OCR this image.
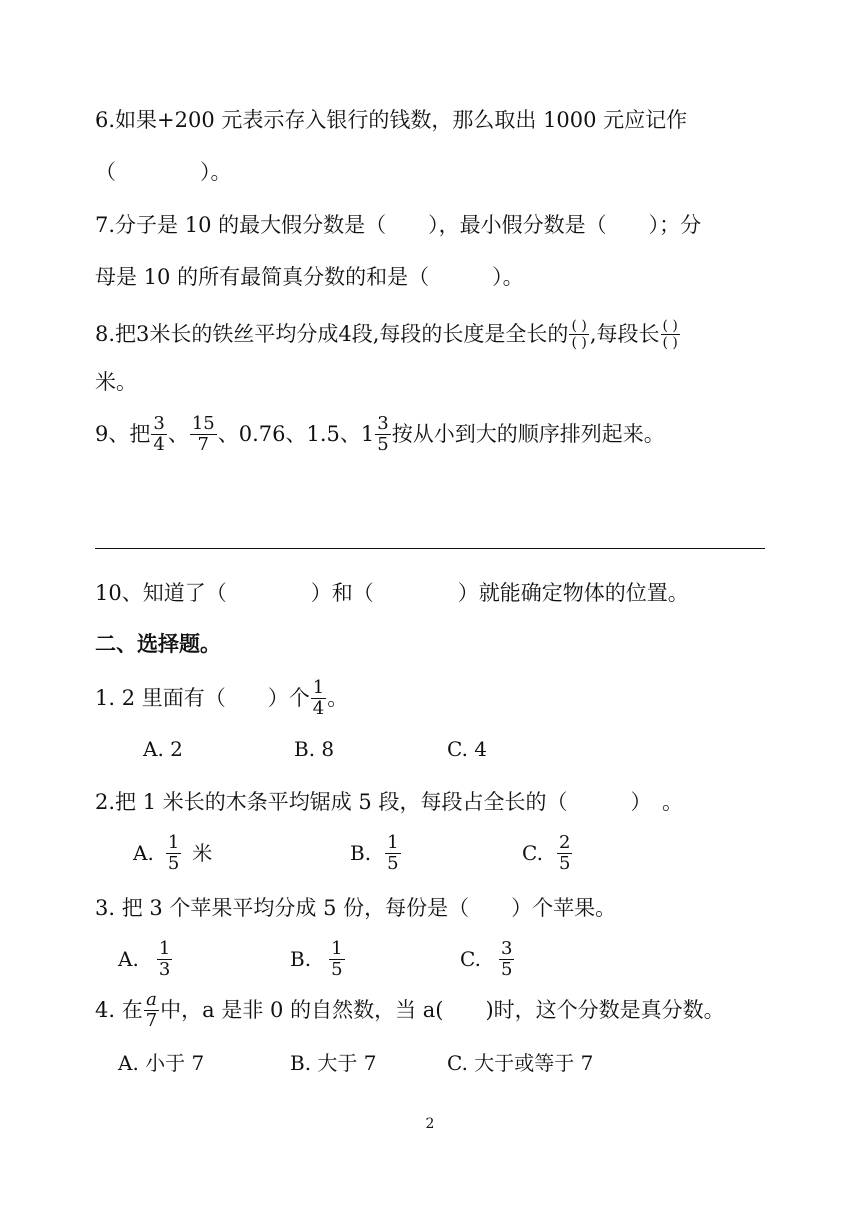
6.如果+200 元表示存入银行的钱数，那么取出 1000 元应记作
（　　　　）。
7.分子是 10 的最大假分数是（　　），最小假分数是（　　）；分
母是 10 的所有最简真分数的和是（　　　）。
8.把3米长的铁丝平均分成4段,每段的长度是全长的 ( )
( ) ,每段长 ( )
( )
米。
9、把 3
4 、 15
7 、0.76、1.5、1 3
5 按从小到大的顺序排列起来。
10、知道了（　　　　）和（　　　　）就能确定物体的位置。
二、选择题。
1. 2 里面有（　　）个 1
4 。
A. 2	B. 8	C. 4
2.把 1 米长的木条平均锯成 5 段，每段占全长的（　　　）　。
A. 1
5 米	B. 1
5	C. 2
5
3. 把 3 个苹果平均分成 5 份，每份是（　　）个苹果。
A. 1
3	B. 1
5	C. 3
5
4. 在 a
7 中，a 是非 0 的自然数，当 a(　　)时，这个分数是真分数。
A. 小于 7	B. 大于 7	C. 大于或等于 7
2
